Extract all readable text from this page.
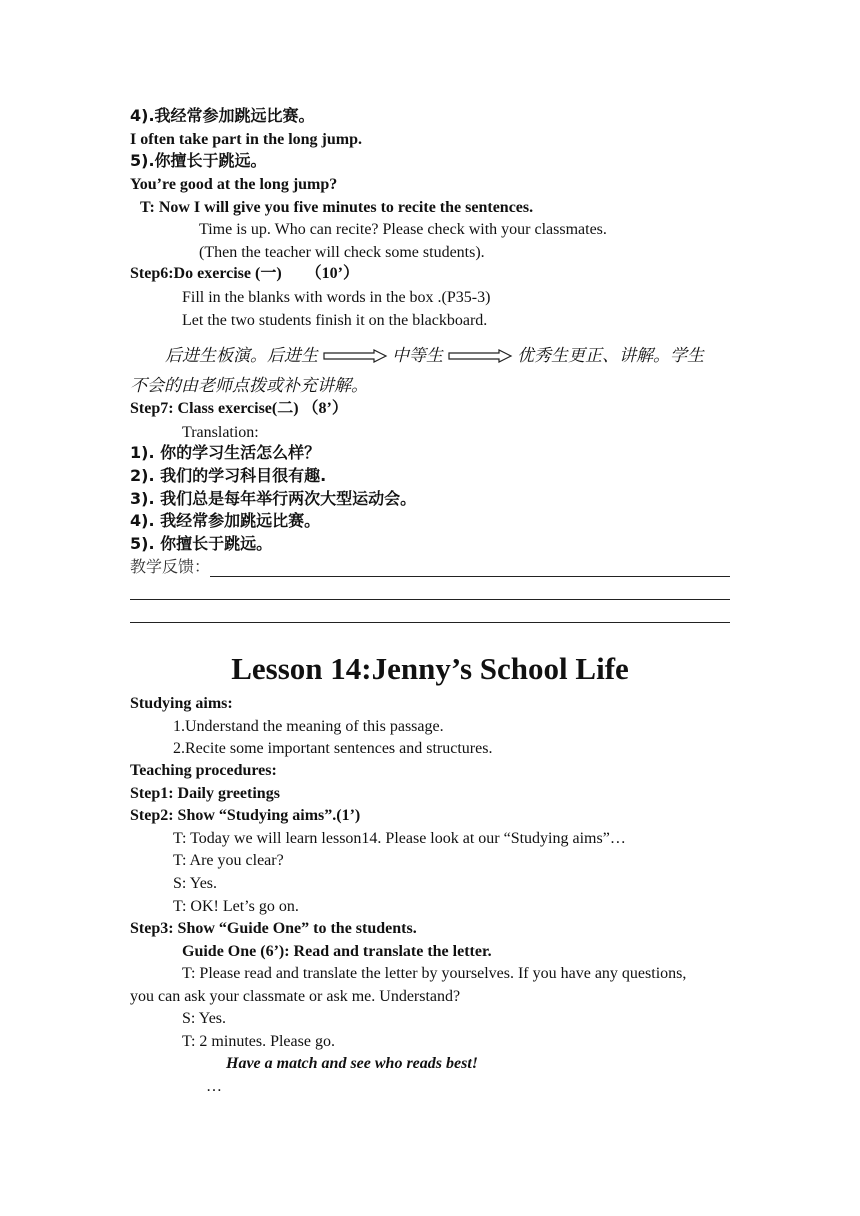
4).我经常参加跳远比赛。
I often take part in the long jump.
5).你擅长于跳远。
You’re good at the long jump?
T: Now I will give you five minutes to recite the sentences.
Time is up. Who can recite? Please check with your classmates.
(Then the teacher will check some students).
Step6:Do exercise (一)　　（10’）
Fill in the blanks with words in the box .(P35-3)
Let the two students finish it on the blackboard.
后进生板演。后进生	中等生	优秀生更正、讲解。学生
不会的由老师点拨或补充讲解。
Step7: Class exercise(二) （8’）
Translation:
1). 你的学习生活怎么样？
2). 我们的学习科目很有趣.
3). 我们总是每年举行两次大型运动会。
4). 我经常参加跳远比赛。
5). 你擅长于跳远。
教学反馈：
Lesson 14:Jenny’s School Life
Studying aims:
1.Understand the meaning of this passage.
2.Recite some important sentences and structures.
Teaching procedures:
Step1: Daily greetings
Step2: Show “Studying aims”.(1’)
T: Today we will learn lesson14. Please look at our “Studying aims”…
T: Are you clear?
S: Yes.
T: OK! Let’s go on.
Step3: Show “Guide One” to the students.
Guide One (6’): Read and translate the letter.
T: Please read and translate the letter by yourselves. If you have any questions,
you can ask your classmate or ask me. Understand?
S: Yes.
T: 2 minutes. Please go.
Have a match and see who reads best!
…
